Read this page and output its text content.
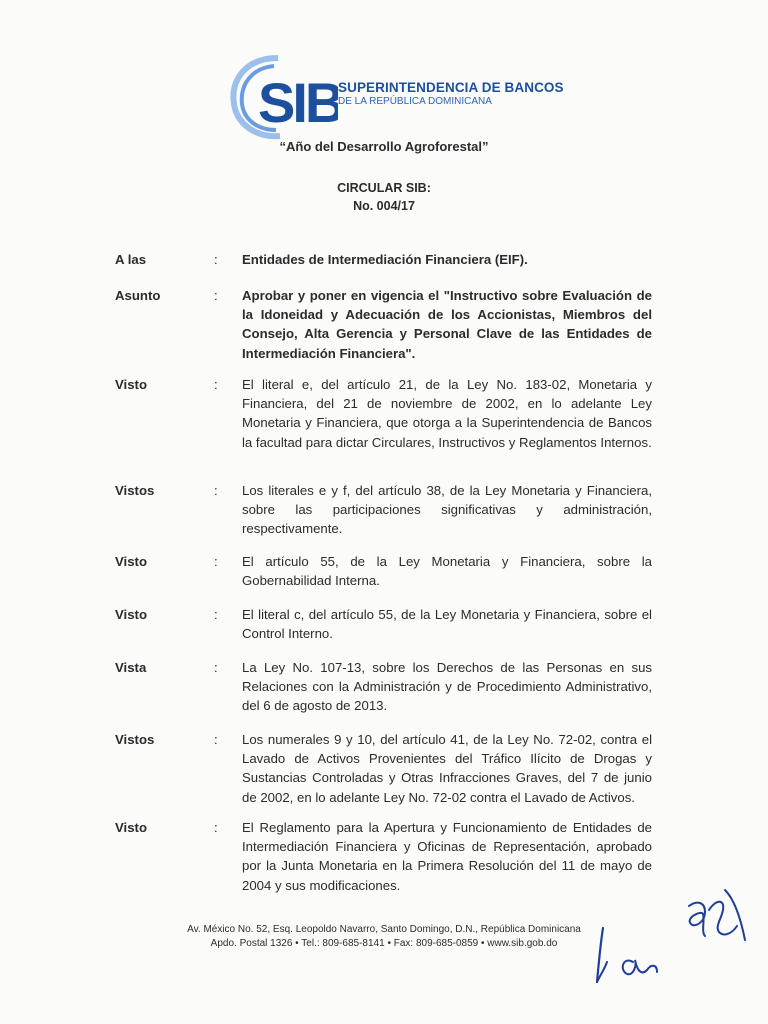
SIB
SUPERINTENDENCIA DE BANCOS
DE LA REPÚBLICA DOMINICANA
“Año del Desarrollo Agroforestal”
CIRCULAR SIB:
No. 004/17
A las	: Entidades de Intermediación Financiera (EIF).
Asunto	: Aprobar y poner en vigencia el "Instructivo sobre Evaluación de la Idoneidad y Adecuación de los Accionistas, Miembros del Consejo, Alta Gerencia y Personal Clave de las Entidades de Intermediación Financiera".
Visto	: El literal e, del artículo 21, de la Ley No. 183-02, Monetaria y Financiera, del 21 de noviembre de 2002, en lo adelante Ley Monetaria y Financiera, que otorga a la Superintendencia de Bancos la facultad para dictar Circulares, Instructivos y Reglamentos Internos.
Vistos	: Los literales e y f, del artículo 38, de la Ley Monetaria y Financiera, sobre las participaciones significativas y administración, respectivamente.
Visto	: El artículo 55, de la Ley Monetaria y Financiera, sobre la Gobernabilidad Interna.
Visto	: El literal c, del artículo 55, de la Ley Monetaria y Financiera, sobre el Control Interno.
Vista	: La Ley No. 107-13, sobre los Derechos de las Personas en sus Relaciones con la Administración y de Procedimiento Administrativo, del 6 de agosto de 2013.
Vistos	: Los numerales 9 y 10, del artículo 41, de la Ley No. 72-02, contra el Lavado de Activos Provenientes del Tráfico Ilícito de Drogas y Sustancias Controladas y Otras Infracciones Graves, del 7 de junio de 2002, en lo adelante Ley No. 72-02 contra el Lavado de Activos.
Visto	: El Reglamento para la Apertura y Funcionamiento de Entidades de Intermediación Financiera y Oficinas de Representación, aprobado por la Junta Monetaria en la Primera Resolución del 11 de mayo de 2004 y sus modificaciones.
Av. México No. 52, Esq. Leopoldo Navarro, Santo Domingo, D.N., República Dominicana
Apdo. Postal 1326 • Tel.: 809-685-8141 • Fax: 809-685-0859 • www.sib.gob.do
